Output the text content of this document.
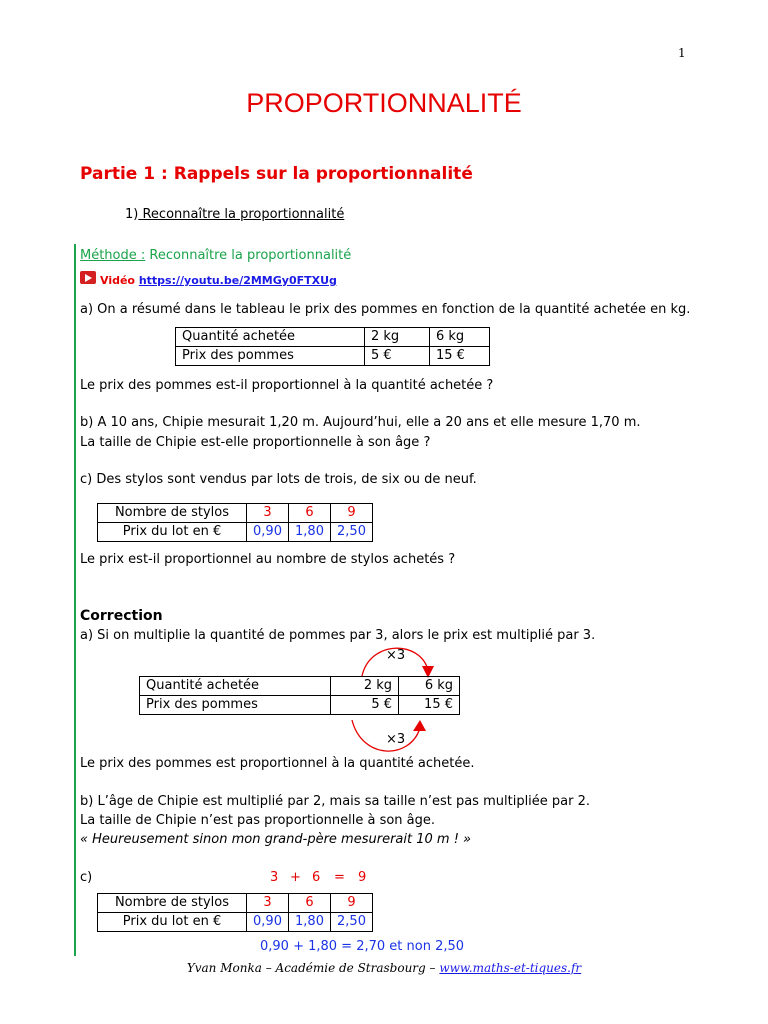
1
PROPORTIONNALITÉ
Partie 1 : Rappels sur la proportionnalité
1) Reconnaître la proportionnalité
Méthode : Reconnaître la proportionnalité
Vidéo https://youtu.be/2MMGy0FTXUg
a) On a résumé dans le tableau le prix des pommes en fonction de la quantité achetée en kg.
Quantité achetée	2 kg	6 kg
Prix des pommes	5 €	15 €
Le prix des pommes est-il proportionnel à la quantité achetée ?
b) A 10 ans, Chipie mesurait 1,20 m. Aujourd’hui, elle a 20 ans et elle mesure 1,70 m.
La taille de Chipie est-elle proportionnelle à son âge ?
c) Des stylos sont vendus par lots de trois, de six ou de neuf.
Nombre de stylos	3	6	9
Prix du lot en €	0,90	1,80	2,50
Le prix est-il proportionnel au nombre de stylos achetés ?
Correction
a) Si on multiplie la quantité de pommes par 3, alors le prix est multiplié par 3.
×3
×3
Quantité achetée	2 kg	6 kg
Prix des pommes	5 €	15 €
Le prix des pommes est proportionnel à la quantité achetée.
b) L’âge de Chipie est multiplié par 2, mais sa taille n’est pas multipliée par 2.
La taille de Chipie n’est pas proportionnelle à son âge.
« Heureusement sinon mon grand-père mesurerait 10 m ! »
c)	3 + 6 = 9
Nombre de stylos	3	6	9
Prix du lot en €	0,90	1,80	2,50
0,90 + 1,80 = 2,70 et non 2,50
Yvan Monka – Académie de Strasbourg – www.maths-et-tiques.fr
